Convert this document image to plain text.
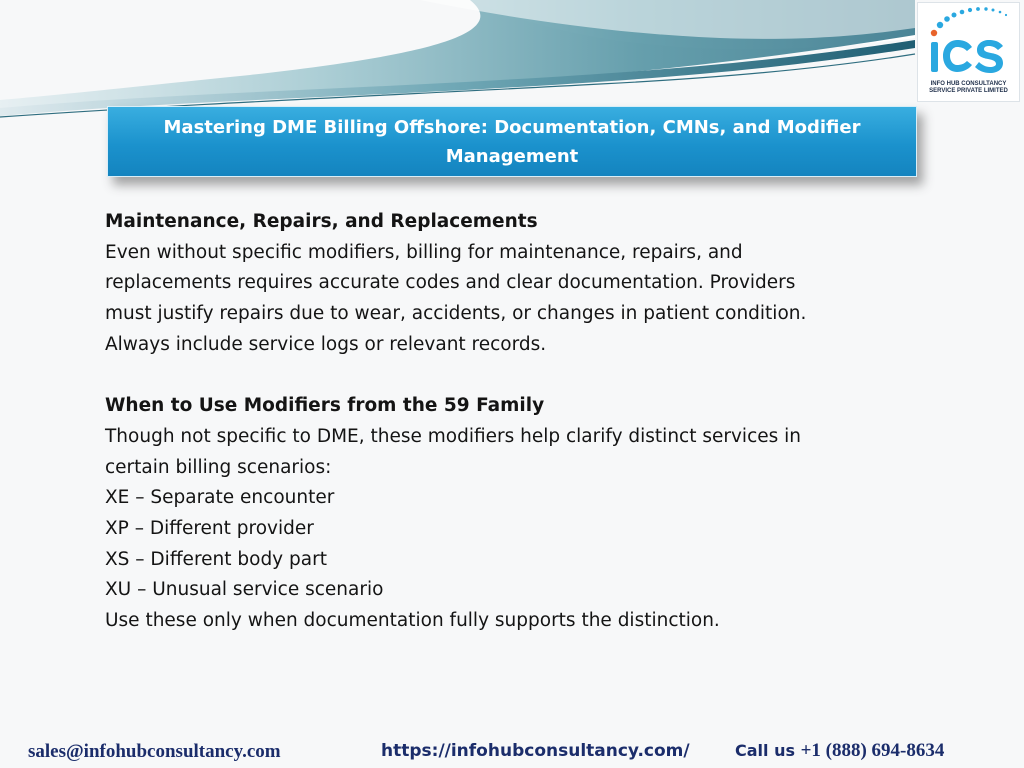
INFO HUB CONSULTANCY
SERVICE PRIVATE LIMITED
Mastering DME Billing Offshore: Documentation, CMNs, and Modifier Management

Maintenance, Repairs, and Replacements

Even without specific modifiers, billing for maintenance, repairs, and

replacements requires accurate codes and clear documentation. Providers

must justify repairs due to wear, accidents, or changes in patient condition.

Always include service logs or relevant records.

When to Use Modifiers from the 59 Family

Though not specific to DME, these modifiers help clarify distinct services in

certain billing scenarios:

XE – Separate encounter

XP – Different provider

XS – Different body part

XU – Unusual service scenario

Use these only when documentation fully supports the distinction.

sales@infohubconsultancy.com	https://infohubconsultancy.com/	Call us +1 (888) 694-8634
